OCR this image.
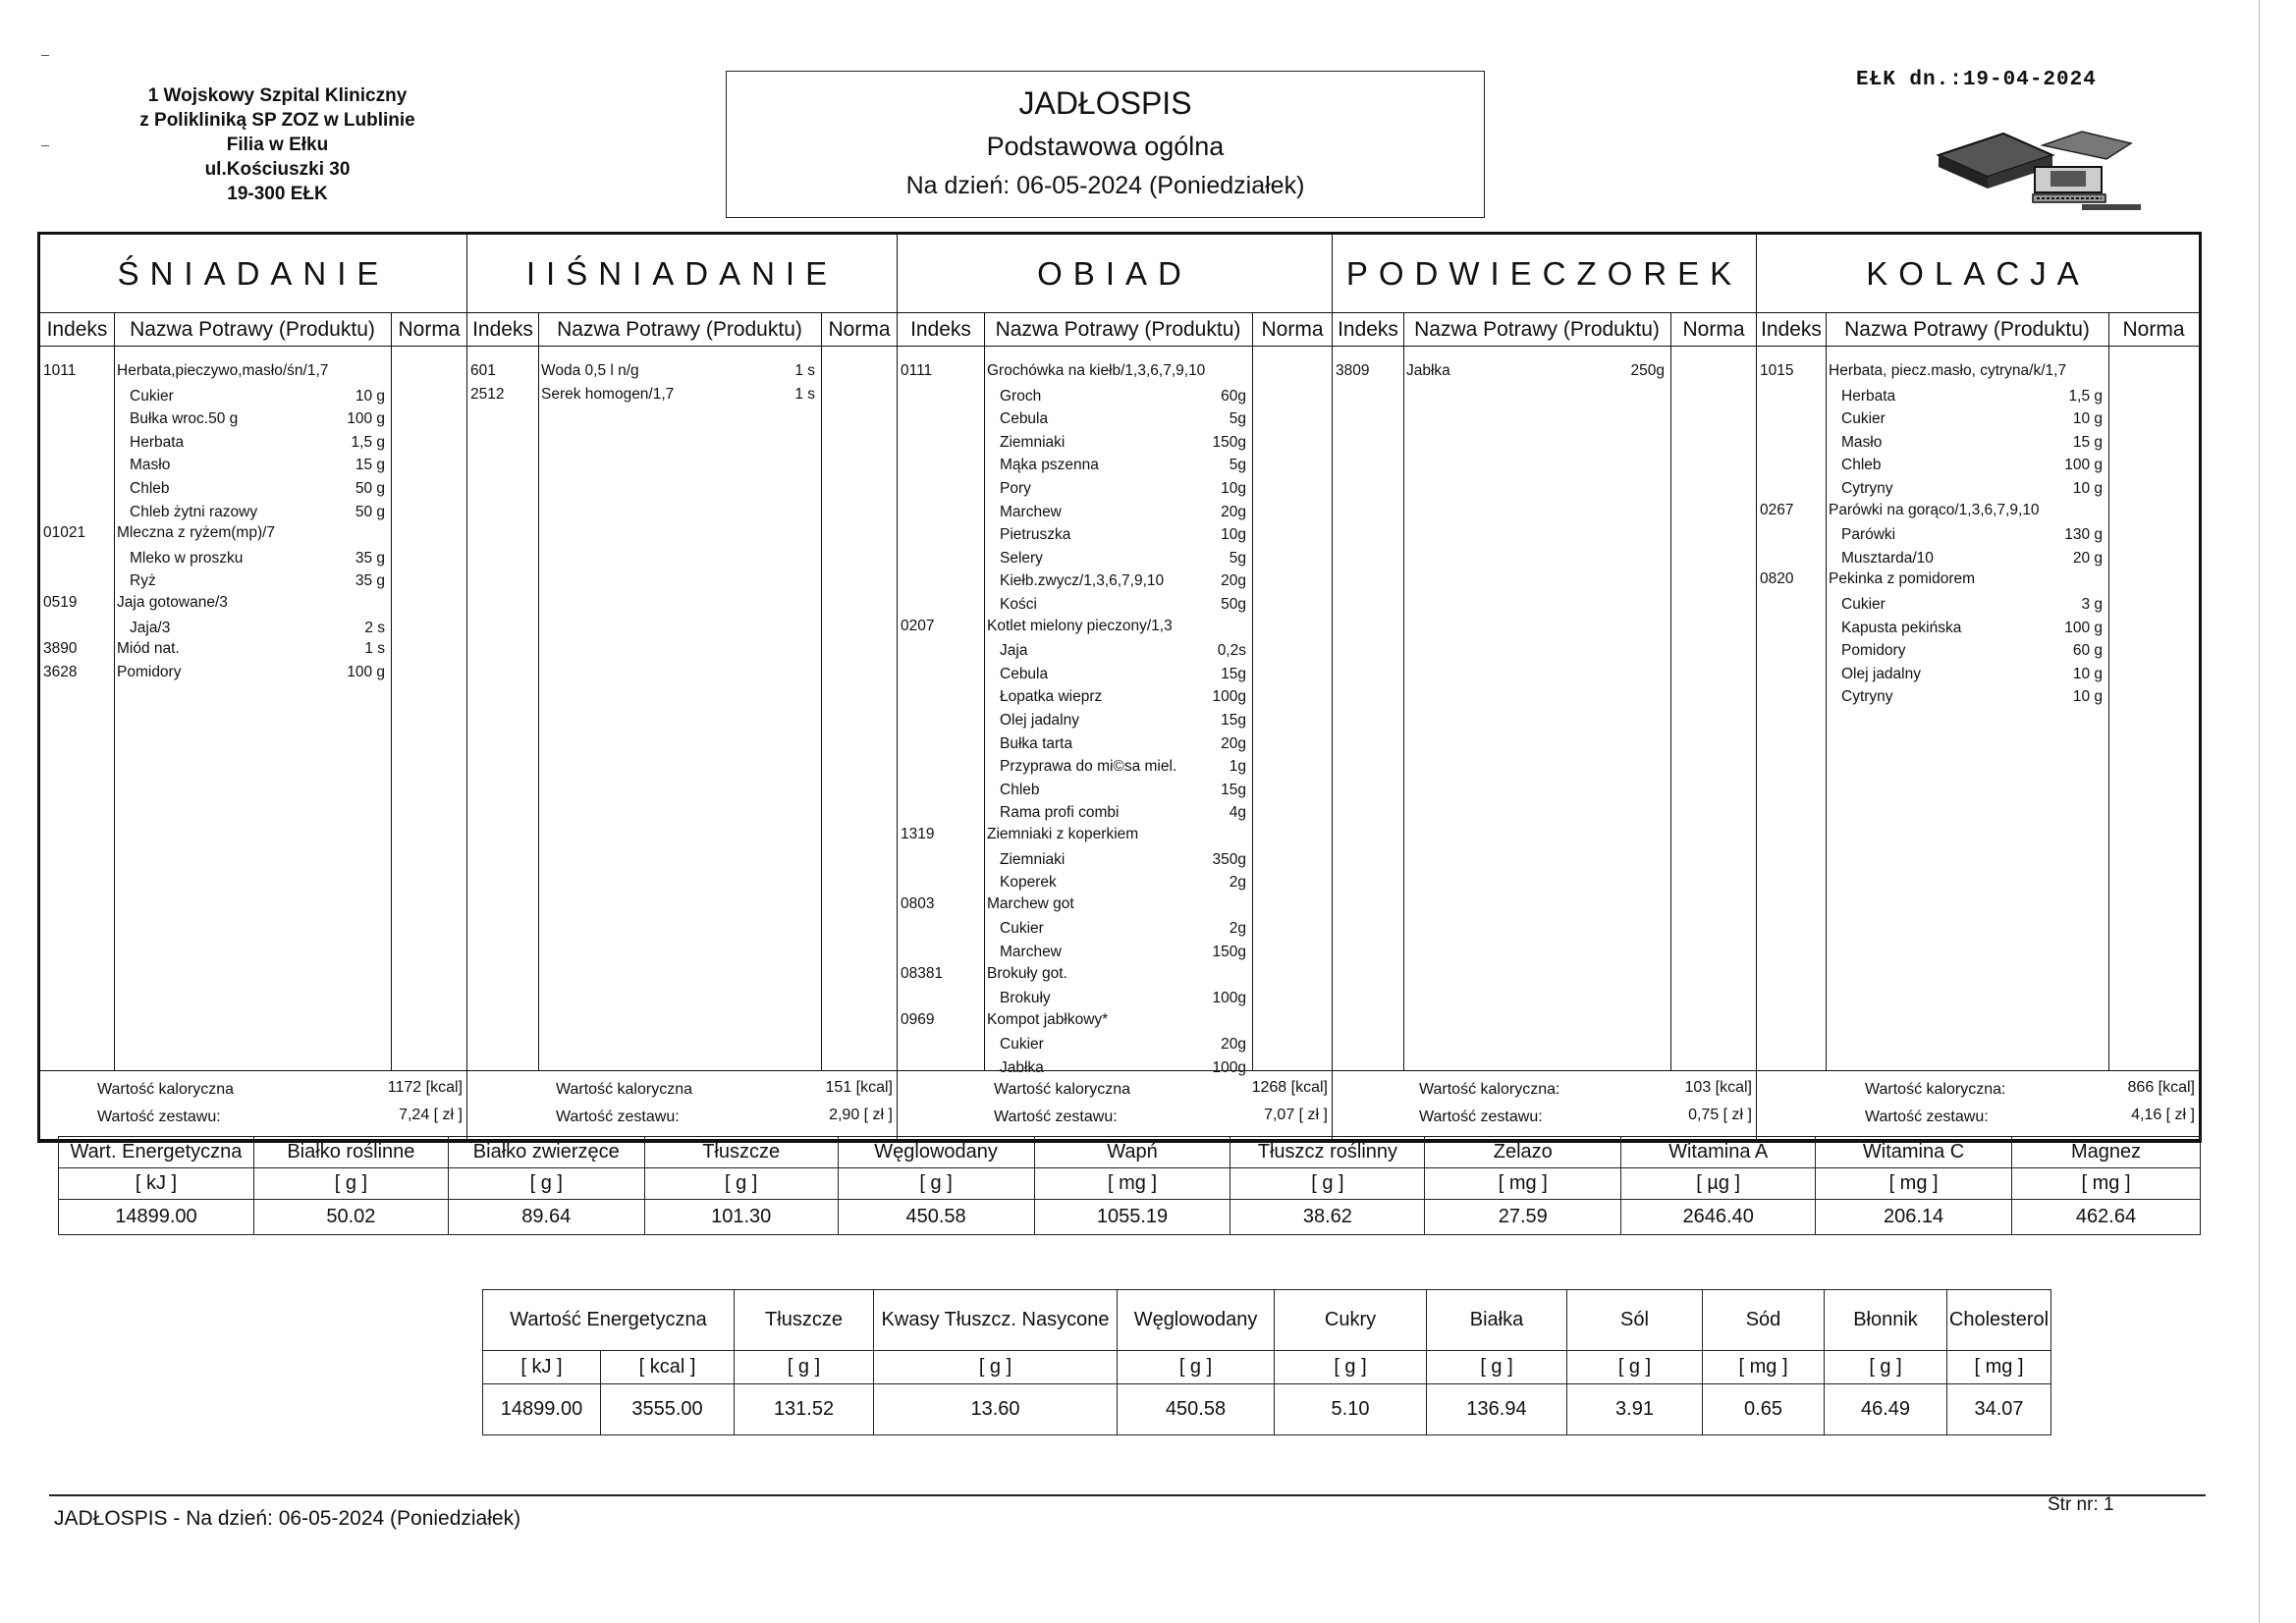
1 Wojskowy Szpital Kliniczny
z Polikliniką SP ZOZ w Lublinie
Filia w Ełku
ul.Kościuszki 30
19-300 EŁK
JADŁOSPIS
Podstawowa ogólna
Na dzień: 06-05-2024 (Poniedziałek)
EŁK dn.:19-04-2024
ŚNIADANIE
Indeks	Nazwa Potrawy (Produktu)	Norma
1011	Herbata,pieczywo,masło/śn/1,7
Cukier	10 g
Bułka wroc.50 g	100 g
Herbata	1,5 g
Masło	15 g
Chleb	50 g
Chleb żytni razowy	50 g
01021 Mleczna z ryżem(mp)/7
Mleko w proszku	35 g
Ryż	35 g
0519	Jaja gotowane/3
Jaja/3	2 s
3890	Miód nat.	1 s
3628	Pomidory	100 g
Wartość kaloryczna
Wartość zestawu:
1172 [kcal]
7,24 [ zł ]
IIŚNIADANIE
Indeks	Nazwa Potrawy (Produktu)	Norma
601	Woda 0,5 l n/g	1 s
2512 Serek homogen/1,7	1 s
Wartość kaloryczna
Wartość zestawu:
151 [kcal]
2,90 [ zł ]
OBIAD
Indeks	Nazwa Potrawy (Produktu)	Norma
0111	Grochówka na kiełb/1,3,6,7,9,10
Groch	60g
Cebula	5g
Ziemniaki	150g
Mąka pszenna	5g
Pory	10g
Marchew	20g
Pietruszka	10g
Selery	5g
Kiełb.zwycz/1,3,6,7,9,10	20g
Kości	50g
0207	Kotlet mielony pieczony/1,3
Jaja	0,2s
Cebula	15g
Łopatka wieprz	100g
Olej jadalny	15g
Bułka tarta	20g
Przyprawa do mi©sa miel.	1g
Chleb	15g
Rama profi combi	4g
1319	Ziemniaki z koperkiem
Ziemniaki	350g
Koperek	2g
0803	Marchew got
Cukier	2g
Marchew	150g
08381	Brokuły got.
Brokuły	100g
0969	Kompot jabłkowy*
Cukier	20g
Jabłka	100g
Wartość kaloryczna
Wartość zestawu:
1268 [kcal]
7,07 [ zł ]
PODWIECZOREK
Indeks Nazwa Potrawy (Produktu)	Norma
3809 Jabłka	250g
Wartość kaloryczna:
Wartość zestawu:
103 [kcal]
0,75 [ zł ]
KOLACJA
Indeks	Nazwa Potrawy (Produktu)	Norma
1015 Herbata, piecz.masło, cytryna/k/1,7
Herbata	1,5 g
Cukier	10 g
Masło	15 g
Chleb	100 g
Cytryny	10 g
0267 Parówki na gorąco/1,3,6,7,9,10
Parówki	130 g
Musztarda/10	20 g
0820 Pekinka z pomidorem
Cukier	3 g
Kapusta pekińska	100 g
Pomidory	60 g
Olej jadalny	10 g
Cytryny	10 g
Wartość kaloryczna:
Wartość zestawu:
866 [kcal]
4,16 [ zł ]
Wart. Energetyczna	Białko roślinne	Białko zwierzęce	Tłuszcze	Węglowodany	Wapń	Tłuszcz roślinny	Żelazo	Witamina A	Witamina C	Magnez
[ kJ ]	[ g ]	[ g ]	[ g ]	[ g ]	[ mg ]	[ g ]	[ mg ]	[ µg ]	[ mg ]	[ mg ]
14899.00	50.02	89.64	101.30	450.58	1055.19	38.62	27.59	2646.40	206.14	462.64
Wartość Energetyczna		Tłuszcze	Kwasy Tłuszcz. Nasycone	Węglowodany	Cukry	Białka	Sól	Sód	Błonnik	Cholesterol
[ kJ ]	[ kcal ]	[ g ]	[ g ]	[ g ]	[ g ]	[ g ]	[ g ]	[ mg ]	[ g ]	[ mg ]
14899.00	3555.00	131.52	13.60	450.58	5.10	136.94	3.91	0.65	46.49	34.07
JADŁOSPIS - Na dzień: 06-05-2024 (Poniedziałek)
Str nr: 1
